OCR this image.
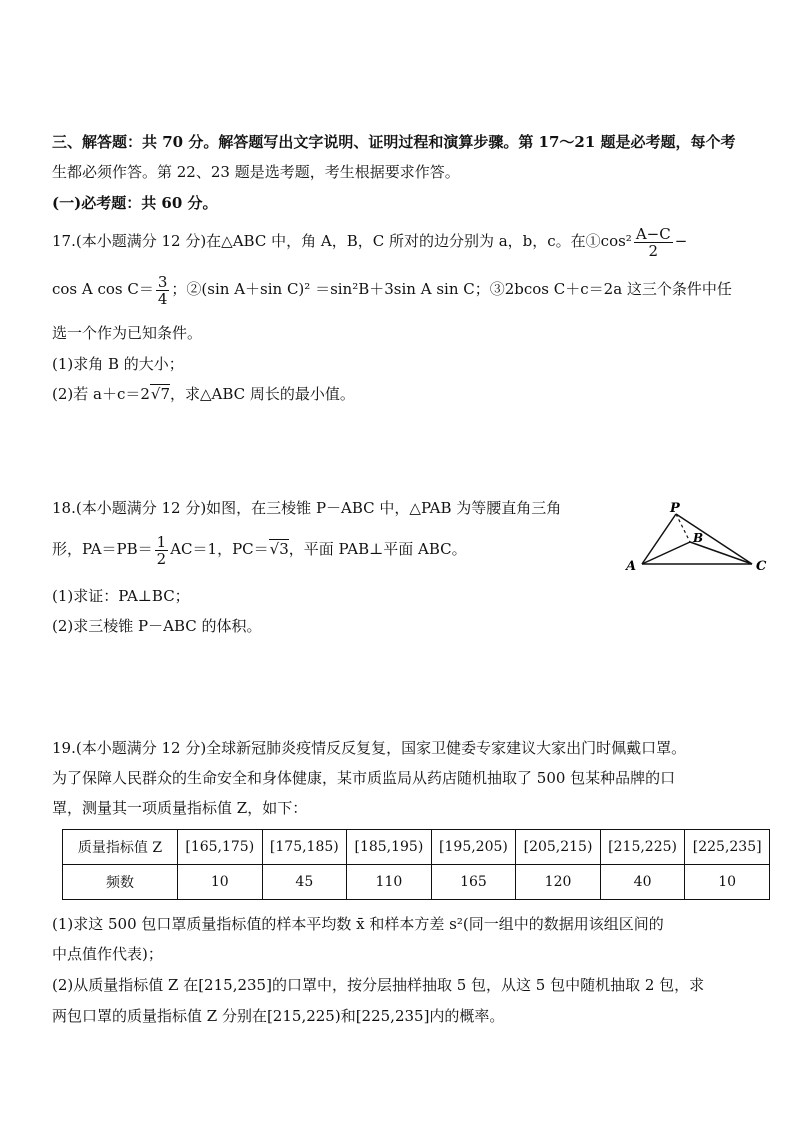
三、解答题：共 70 分。解答题写出文字说明、证明过程和演算步骤。第 17～21 题是必考题，每个考
生都必须作答。第 22、23 题是选考题，考生根据要求作答。
(一)必考题：共 60 分。
17.(本小题满分 12 分)在△ABC 中，角 A，B，C 所对的边分别为 a，b，c。在①cos² $\frac{A-C}{2}$ −
cos A $\cos C= \frac{3}{4}$ ；②(sin A＋sin C)² ＝sin²B＋3sin A sin C；③2bcos C＋c＝2a 这三个条件中任
选一个作为已知条件。
(1)求角 B 的大小；
(2)若 a＋c＝2√7，求△ABC 周长的最小值。
18.(本小题满分 12 分)如图，在三棱锥 P－ABC 中，△PAB 为等腰直角三角
形，$PA=PB= \frac{1}{2} AC=1$，PC＝√3，平面 PAB⊥平面 ABC。
(1)求证：PA⊥BC；
(2)求三棱锥 P－ABC 的体积。
P
A
B
C
19.(本小题满分 12 分)全球新冠肺炎疫情反反复复，国家卫健委专家建议大家出门时佩戴口罩。
为了保障人民群众的生命安全和身体健康，某市质监局从药店随机抽取了 500 包某种品牌的口
罩，测量其一项质量指标值 Z，如下：
质量指标值 Z	[165,175)	[175,185)	[185,195)	[195,205)	[205,215)	[215,225)	[225,235]
频数	10	45	110	165	120	40	10
(1)求这 500 包口罩质量指标值的样本平均数 x̄ 和样本方差 s²(同一组中的数据用该组区间的
中点值作代表)；
(2)从质量指标值 Z 在[215,235]的口罩中，按分层抽样抽取 5 包，从这 5 包中随机抽取 2 包，求
两包口罩的质量指标值 Z 分别在[215,225)和[225,235]内的概率。
